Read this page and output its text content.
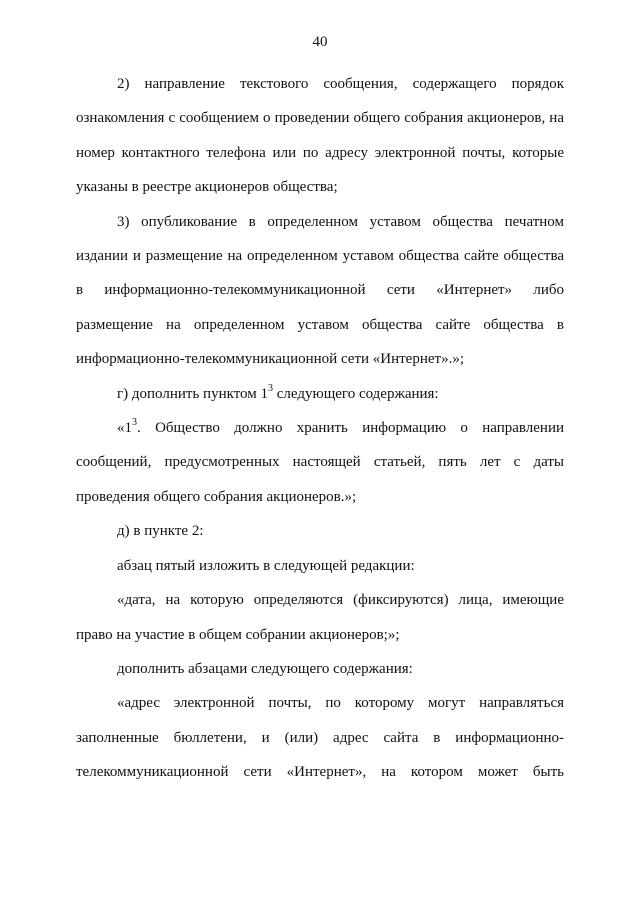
40

2) направление текстового сообщения, содержащего порядок ознакомления с сообщением о проведении общего собрания акционеров, на номер контактного телефона или по адресу электронной почты, которые указаны в реестре акционеров общества;

3) опубликование в определенном уставом общества печатном издании и размещение на определенном уставом общества сайте общества в информационно-телекоммуникационной сети «Интернет» либо размещение на определенном уставом общества сайте общества в информационно-телекоммуникационной сети «Интернет».»;

г) дополнить пунктом $1^3$ следующего содержания:

«$1^3$. Общество должно хранить информацию о направлении сообщений, предусмотренных настоящей статьей, пять лет с даты проведения общего собрания акционеров.»;

д) в пункте 2:

абзац пятый изложить в следующей редакции:

«дата, на которую определяются (фиксируются) лица, имеющие право на участие в общем собрании акционеров;»;

дополнить абзацами следующего содержания:

«адрес электронной почты, по которому могут направляться заполненные бюллетени, и (или) адрес сайта в информационно-телекоммуникационной сети «Интернет», на котором может быть
